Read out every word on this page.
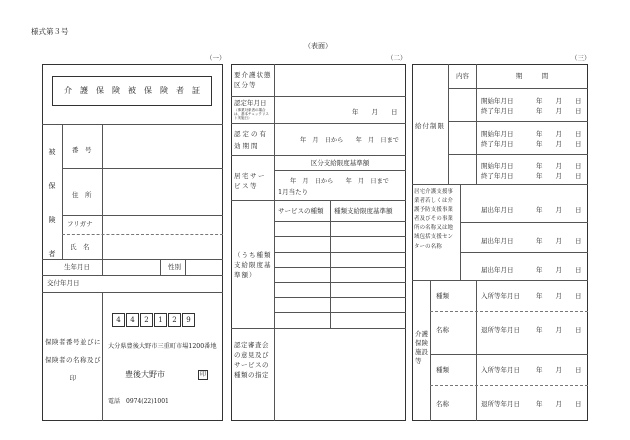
様式第３号
（表面）
（一）	（二）	（三）
介　護　保　険　被　保　険　者　証
被　保　険　者 番　号
住　所
フリガナ
氏　名
生年月日	性別
交付年月日
保険者番号並びに保険者の名称及び印
4	4	2	1	2	9
大分県豊後大野市三重町市場1200番地
豊後大野市	印
電話　0974(22)1001
要介護状態区分等
認定年月日
（事業対象者の場合は、基本チェックリスト実施日）
年　　月　　日
認定の有効期間
年　月　日から　　年　月　日まで
区分支給限度基準額
居宅サービス等
年　月　日から　　年　月　日まで
1月当たり
サービスの種類 種類支給限度基準額
（うち種類支給限度基準額）
認定審査会の意見及びサービスの種類の指定
給付制限
内容	期　　　間
開始年月日	年　　月　　日
終了年月日	年　　月　　日
開始年月日	年　　月　　日
終了年月日	年　　月　　日
開始年月日	年　　月　　日
終了年月日	年　　月　　日
居宅介護支援事業者若しくは介護予防支援事業者及びその事業所の名称又は地域包括支援センターの名称
届出年月日	年　　月　　日
届出年月日	年　　月　　日
届出年月日	年　　月　　日
介護保険施設等
種類	入所等年月日 年　　月　　日
名称	退所等年月日 年　　月　　日
種類	入所等年月日 年　　月　　日
名称	退所等年月日 年　　月　　日
